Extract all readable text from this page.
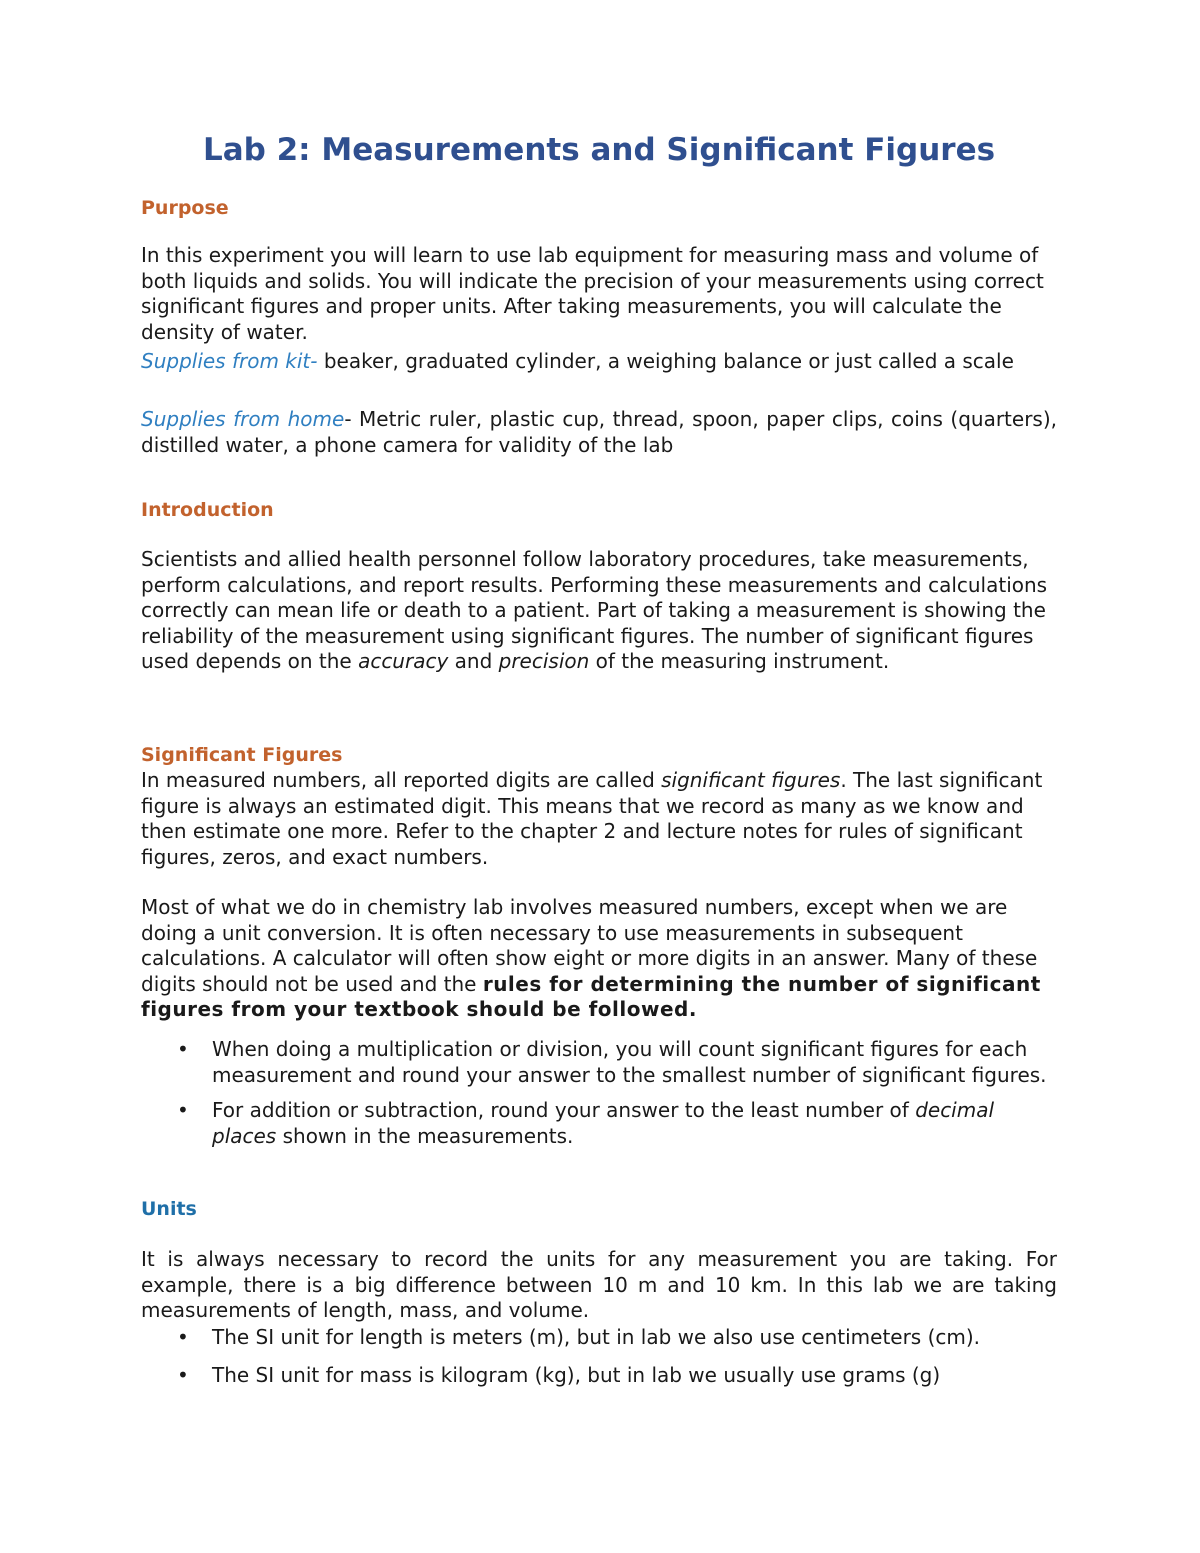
Lab 2: Measurements and Significant Figures
Purpose
In this experiment you will learn to use lab equipment for measuring mass and volume of both liquids and solids. You will indicate the precision of your measurements using correct significant figures and proper units. After taking measurements, you will calculate the density of water.
Supplies from kit- beaker, graduated cylinder, a weighing balance or just called a scale
Supplies from home- Metric ruler, plastic cup, thread, spoon, paper clips, coins (quarters), distilled water, a phone camera for validity of the lab
Introduction
Scientists and allied health personnel follow laboratory procedures, take measurements, perform calculations, and report results. Performing these measurements and calculations correctly can mean life or death to a patient. Part of taking a measurement is showing the reliability of the measurement using significant figures. The number of significant figures used depends on the accuracy and precision of the measuring instrument.
Significant Figures
In measured numbers, all reported digits are called significant figures. The last significant figure is always an estimated digit. This means that we record as many as we know and then estimate one more. Refer to the chapter 2 and lecture notes for rules of significant figures, zeros, and exact numbers.
Most of what we do in chemistry lab involves measured numbers, except when we are doing a unit conversion. It is often necessary to use measurements in subsequent calculations. A calculator will often show eight or more digits in an answer. Many of these digits should not be used and the rules for determining the number of significant figures from your textbook should be followed.
• When doing a multiplication or division, you will count significant figures for each measurement and round your answer to the smallest number of significant figures.
• For addition or subtraction, round your answer to the least number of decimal places shown in the measurements.
Units
It is always necessary to record the units for any measurement you are taking. For example, there is a big difference between 10 m and 10 km. In this lab we are taking measurements of length, mass, and volume.
• The SI unit for length is meters (m), but in lab we also use centimeters (cm).
• The SI unit for mass is kilogram (kg), but in lab we usually use grams (g)
